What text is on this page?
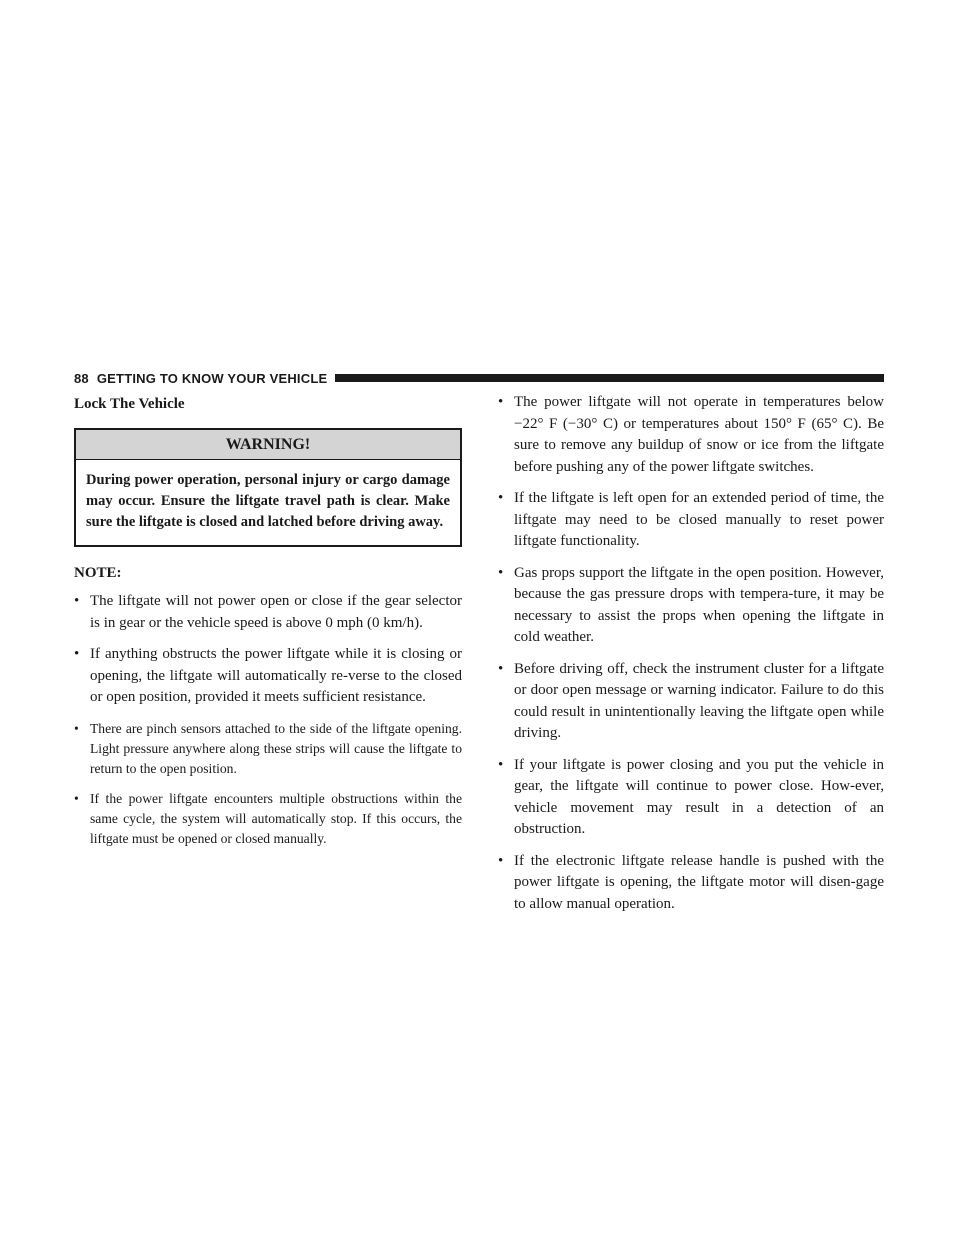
88 GETTING TO KNOW YOUR VEHICLE
Lock The Vehicle
WARNING!
During power operation, personal injury or cargo damage may occur. Ensure the liftgate travel path is clear. Make sure the liftgate is closed and latched before driving away.
NOTE:
• The liftgate will not power open or close if the gear selector is in gear or the vehicle speed is above 0 mph (0 km/h).
• If anything obstructs the power liftgate while it is closing or opening, the liftgate will automatically re-verse to the closed or open position, provided it meets sufficient resistance.
• There are pinch sensors attached to the side of the liftgate opening. Light pressure anywhere along these strips will cause the liftgate to return to the open position.
• If the power liftgate encounters multiple obstructions within the same cycle, the system will automatically stop. If this occurs, the liftgate must be opened or closed manually.
• The power liftgate will not operate in temperatures below −22° F (−30° C) or temperatures about 150° F (65° C). Be sure to remove any buildup of snow or ice from the liftgate before pushing any of the power liftgate switches.
• If the liftgate is left open for an extended period of time, the liftgate may need to be closed manually to reset power liftgate functionality.
• Gas props support the liftgate in the open position. However, because the gas pressure drops with tempera-ture, it may be necessary to assist the props when opening the liftgate in cold weather.
• Before driving off, check the instrument cluster for a liftgate or door open message or warning indicator. Failure to do this could result in unintentionally leaving the liftgate open while driving.
• If your liftgate is power closing and you put the vehicle in gear, the liftgate will continue to power close. How-ever, vehicle movement may result in a detection of an obstruction.
• If the electronic liftgate release handle is pushed with the power liftgate is opening, the liftgate motor will disen-gage to allow manual operation.
